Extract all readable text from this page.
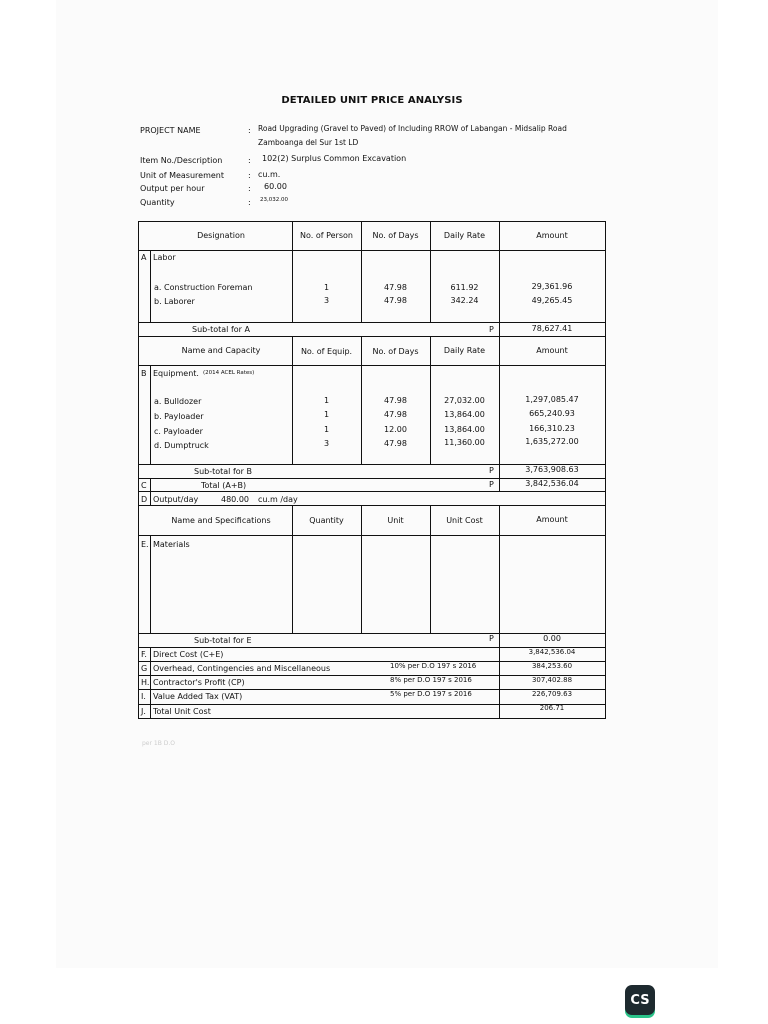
DETAILED UNIT PRICE ANALYSIS
PROJECT NAME	: Road Upgrading (Gravel to Paved) of Including RROW of Labangan - Midsalip Road
Zamboanga del Sur 1st LD
Item No./Description	: 102(2) Surplus Common Excavation
Unit of Measurement	: cu.m.
Output per hour	: 60.00
Quantity	: 23,032.00
Designation	No. of Person	No. of Days	Daily Rate	Amount
A Labor
a. Construction Foreman	1	47.98	611.92	29,361.96
b. Laborer	3	47.98	342.24	49,265.45
Sub-total for A	P	78,627.41
Name and Capacity	No. of Equip.	No. of Days	Daily Rate	Amount
B Equipment. (2014 ACEL Rates)
a. Bulldozer	1	47.98	27,032.00	1,297,085.47
b. Payloader	1	47.98	13,864.00	665,240.93
c. Payloader	1	12.00	13,864.00	166,310.23
d. Dumptruck	3	47.98	11,360.00	1,635,272.00
Sub-total for B	P	3,763,908.63
C	Total (A+B)	P	3,842,536.04
D Output/day	480.00 cu.m /day
Name and Specifications	Quantity	Unit	Unit Cost	Amount
E. Materials
Sub-total for E	P	0.00
F. Direct Cost (C+E)	3,842,536.04
G Overhead, Contingencies and Miscellaneous	10% per D.O 197 s 2016	384,253.60
H. Contractor's Profit (CP)	8% per D.O 197 s 2016	307,402.88
I. Value Added Tax (VAT)	5% per D.O 197 s 2016	226,709.63
J. Total Unit Cost	206.71
per 1B D.O
CS
